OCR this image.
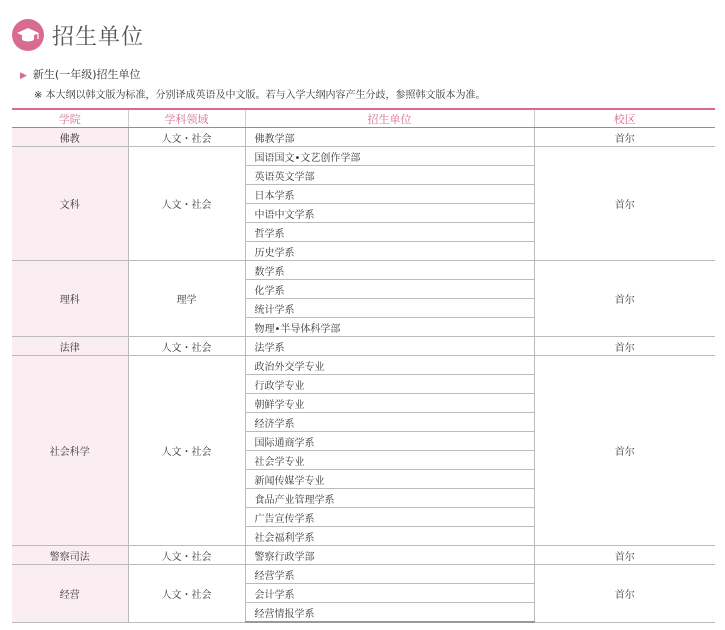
招生单位
▶ 新生(一年级)招生单位
※ 本大纲以韩文版为标准，分别译成英语及中文版。若与入学大纲内容产生分歧，参照韩文版本为准。
学院	学科领域	招生单位	校区
佛教	人文・社会	佛教学部	首尔
文科	人文・社会	国语国文•文艺创作学部	首尔
		英语英文学部	
		日本学系	
		中语中文学系	
		哲学系	
		历史学系	
理科	理学	数学系	首尔
		化学系	
		统计学系	
		物理•半导体科学部	
法律	人文・社会	法学系	首尔
社会科学	人文・社会	政治外交学专业	首尔
		行政学专业	
		朝鲜学专业	
		经济学系	
		国际通商学系	
		社会学专业	
		新闻传媒学专业	
		食品产业管理学系	
		广告宣传学系	
		社会福利学系	
警察司法	人文・社会	警察行政学部	首尔
经营	人文・社会	经营学系	首尔
		会计学系	
		经营情报学系	
